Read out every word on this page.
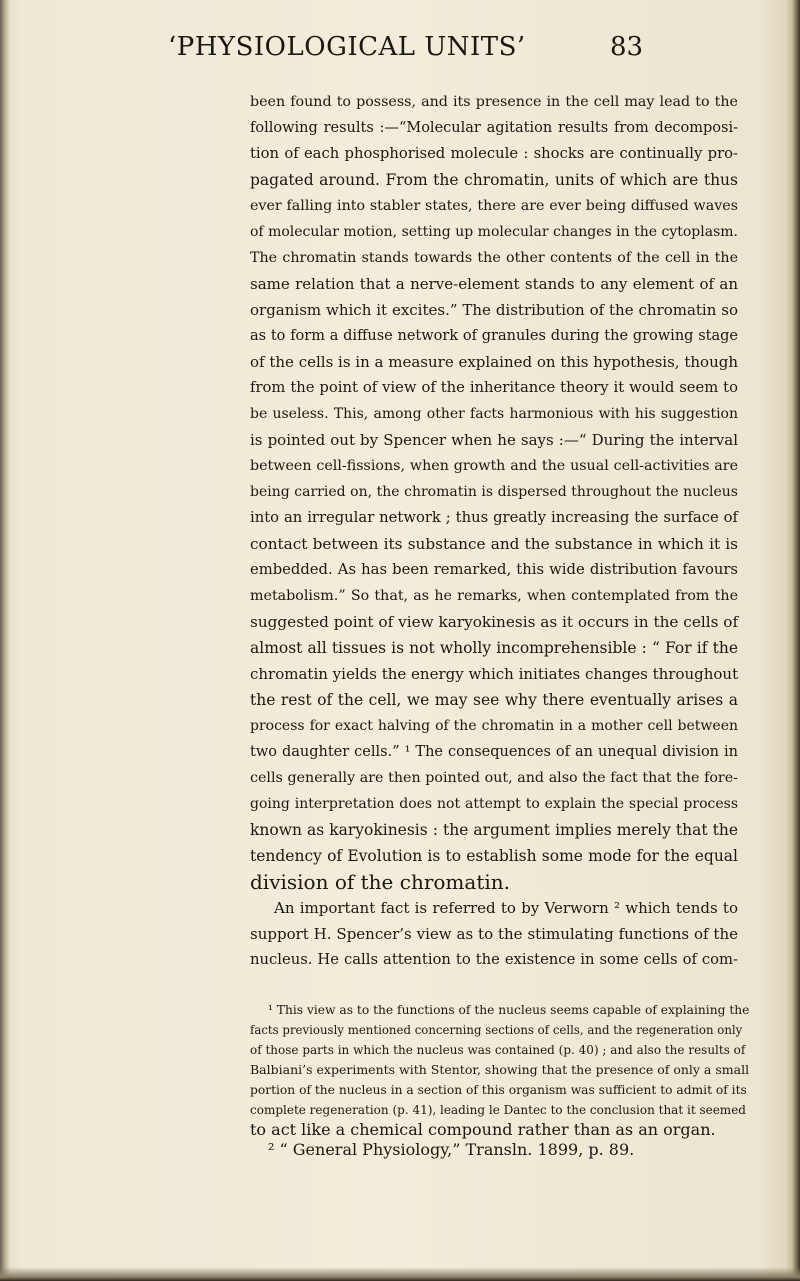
‘PHYSIOLOGICAL UNITS’	83
been found to possess, and its presence in the cell may lead to the
following results :—“Molecular agitation results from decomposi-
tion of each phosphorised molecule : shocks are continually pro-
pagated around. From the chromatin, units of which are thus
ever falling into stabler states, there are ever being diffused waves
of molecular motion, setting up molecular changes in the cytoplasm.
The chromatin stands towards the other contents of the cell in the
same relation that a nerve-element stands to any element of an
organism which it excites.” The distribution of the chromatin so
as to form a diffuse network of granules during the growing stage
of the cells is in a measure explained on this hypothesis, though
from the point of view of the inheritance theory it would seem to
be useless. This, among other facts harmonious with his suggestion
is pointed out by Spencer when he says :—“ During the interval
between cell-fissions, when growth and the usual cell-activities are
being carried on, the chromatin is dispersed throughout the nucleus
into an irregular network ; thus greatly increasing the surface of
contact between its substance and the substance in which it is
embedded. As has been remarked, this wide distribution favours
metabolism.” So that, as he remarks, when contemplated from the
suggested point of view karyokinesis as it occurs in the cells of
almost all tissues is not wholly incomprehensible : “ For if the
chromatin yields the energy which initiates changes throughout
the rest of the cell, we may see why there eventually arises a
process for exact halving of the chromatin in a mother cell between
two daughter cells.” ¹ The consequences of an unequal division in
cells generally are then pointed out, and also the fact that the fore-
going interpretation does not attempt to explain the special process
known as karyokinesis : the argument implies merely that the
tendency of Evolution is to establish some mode for the equal
division of the chromatin.
An important fact is referred to by Verworn ² which tends to
support H. Spencer’s view as to the stimulating functions of the
nucleus. He calls attention to the existence in some cells of com-
¹ This view as to the functions of the nucleus seems capable of explaining the
facts previously mentioned concerning sections of cells, and the regeneration only
of those parts in which the nucleus was contained (p. 40) ; and also the results of
Balbiani’s experiments with Stentor, showing that the presence of only a small
portion of the nucleus in a section of this organism was sufficient to admit of its
complete regeneration (p. 41), leading le Dantec to the conclusion that it seemed
to act like a chemical compound rather than as an organ.
² “ General Physiology,” Transln. 1899, p. 89.
